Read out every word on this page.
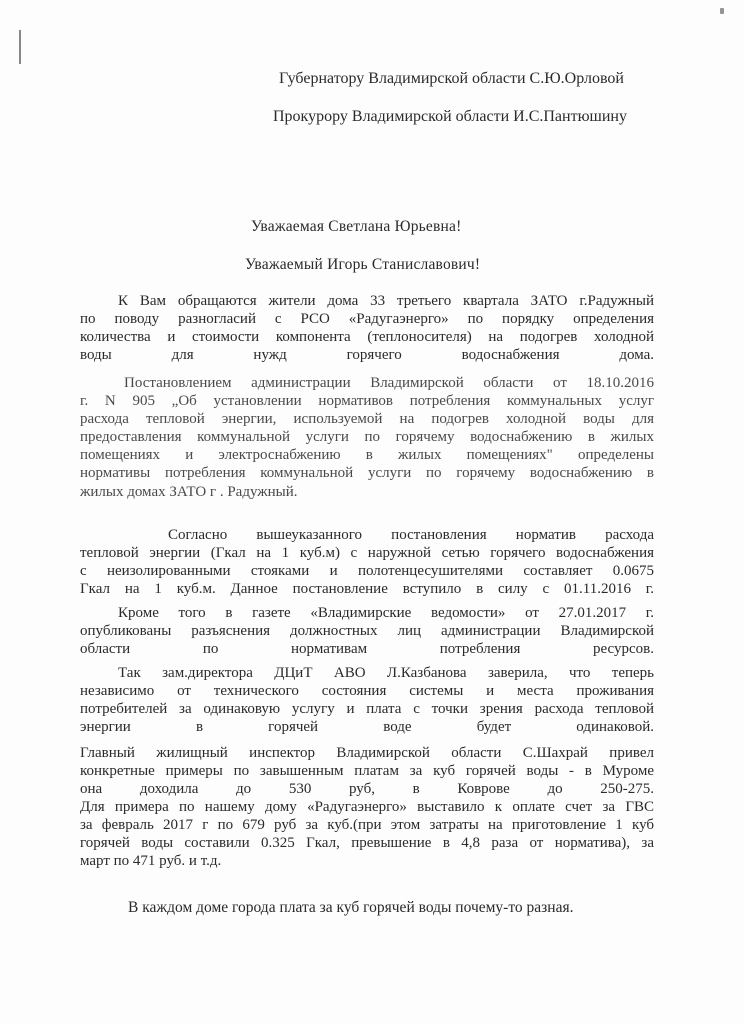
Губернатору Владимирской области С.Ю.Орловой
Прокурору Владимирской области И.С.Пантюшину
Уважаемая Светлана Юрьевна!
Уважаемый Игорь Станиславович!
К Вам обращаются жители дома 33 третьего квартала ЗАТО г.Радужный
по поводу разногласий с РСО «Радугаэнерго» по порядку определения
количества и стоимости компонента (теплоносителя) на подогрев холодной
воды для нужд горячего водоснабжения дома.
Постановлением администрации Владимирской области от 18.10.2016
г. N 905 „Об установлении нормативов потребления коммунальных услуг
расхода тепловой энергии, используемой на подогрев холодной воды для
предоставления коммунальной услуги по горячему водоснабжению в жилых
помещениях и электроснабжению в жилых помещениях" определены
нормативы потребления коммунальной услуги по горячему водоснабжению в
жилых домах ЗАТО г . Радужный.
Согласно вышеуказанного постановления норматив расхода
тепловой энергии (Гкал на 1 куб.м) с наружной сетью горячего водоснабжения
с неизолированными стояками и полотенцесушителями составляет 0.0675
Гкал на 1 куб.м. Данное постановление вступило в силу с 01.11.2016 г.
Кроме того в газете «Владимирские ведомости» от 27.01.2017 г.
опубликованы разъяснения должностных лиц администрации Владимирской
области по нормативам потребления ресурсов.
Так зам.директора ДЦиТ АВО Л.Казбанова заверила, что теперь
независимо от технического состояния системы и места проживания
потребителей за одинаковую услугу и плата с точки зрения расхода тепловой
энергии в горячей воде будет одинаковой.
Главный жилищный инспектор Владимирской области С.Шахрай привел
конкретные примеры по завышенным платам за куб горячей воды - в Муроме
она доходила до 530 руб, в Коврове до 250-275.
Для примера по нашему дому «Радугаэнерго» выставило к оплате счет за ГВС
за февраль 2017 г по 679 руб за куб.(при этом затраты на приготовление 1 куб
горячей воды составили 0.325 Гкал, превышение в 4,8 раза от норматива), за
март по 471 руб. и т.д.
В каждом доме города плата за куб горячей воды почему-то разная.
